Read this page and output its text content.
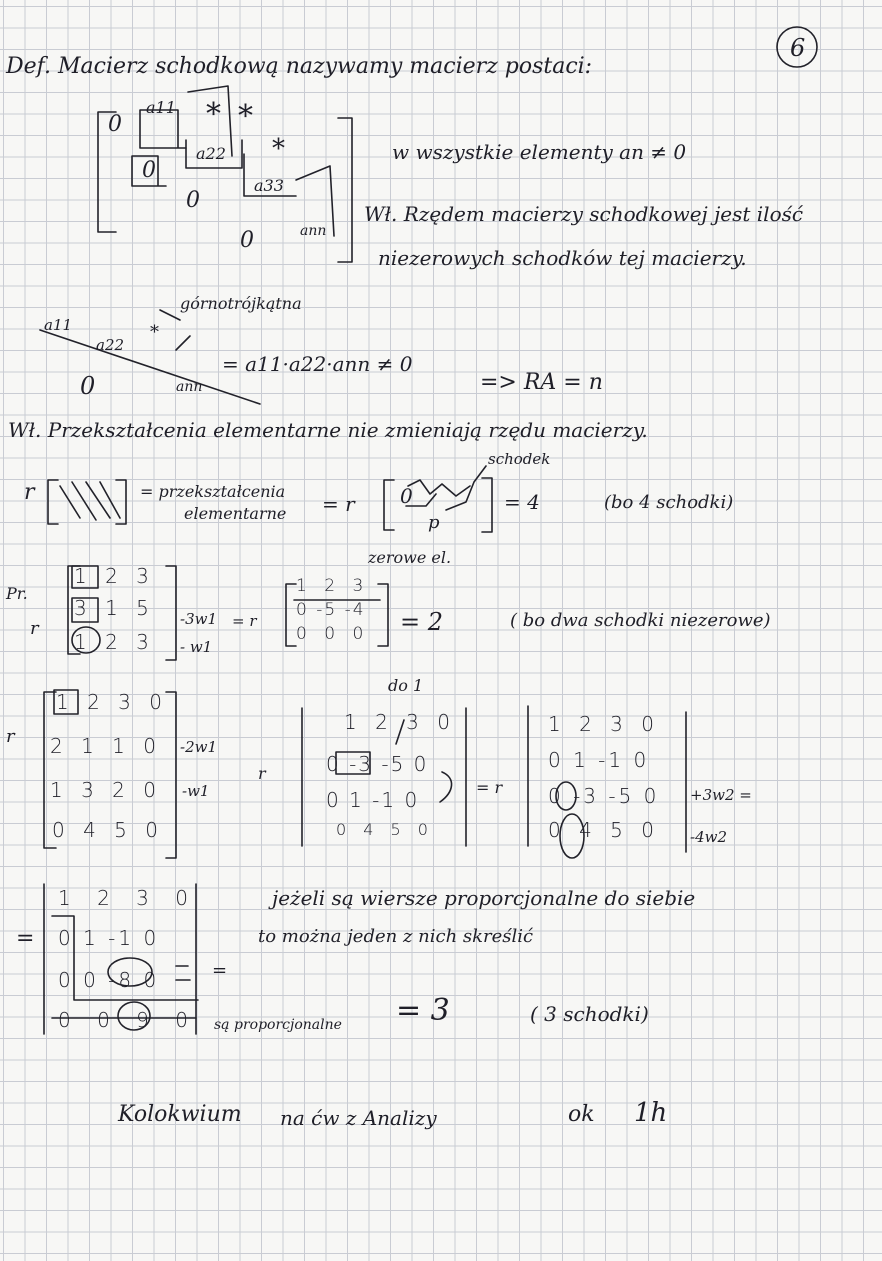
6
Def. Macierz schodkową nazywamy macierz postaci:
a11 * *
0
a22 *
0
a33
0
ann
0
w wszystkie elementy an ≠ 0
Wł. Rzędem macierzy schodkowej jest ilość
niezerowych schodków tej macierzy.
górnotrójkątna
a11	*
a22
0	ann
= a11·a22·ann ≠ 0
=> RA = n
Wł. Przekształcenia elementarne nie zmieniają rzędu macierzy.
schodek
r	= przekształcenia
elementarne = r 0
p
= 4	(bo 4 schodki)
zerowe el.
Pr.
r
1 2 3
3 1 5
1 2 3
-3w1
- w1
= r
1 2 3
0 -5 -4
0 0 0 = 2	( bo dwa schodki niezerowe)
r
1 2 3 0
2 1 1 0
1 3 2 0
0 4 5 0
-2w1
-w1
do 1
r
1 2 3 0
0 -3 -5 0
0 1 -1 0
0 4 5 0
= r
1 2 3 0
0 1 -1 0
0 -3 -5 0
0 4 5 0
+3w2 =
-4w2
=
1 2 3 0
0 1 -1 0
0 0 -8 0
0 0 9 0
=
jeżeli są wiersze proporcjonalne do siebie
to można jeden z nich skreślić
są proporcjonalne = 3	( 3 schodki)
Kolokwium na ćw z Analizy	ok 1h
